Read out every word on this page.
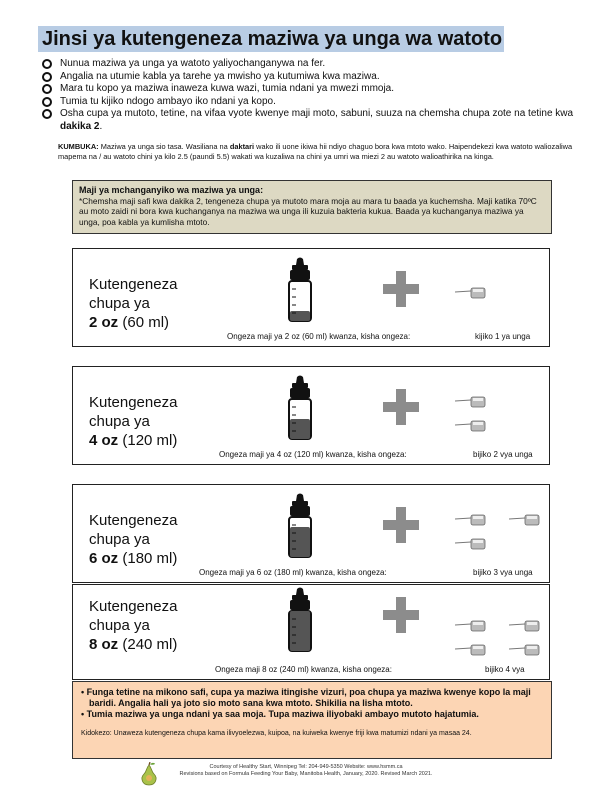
Jinsi ya kutengeneza maziwa ya unga wa watoto
Nunua maziwa ya unga ya watoto yaliyochanganywa na fer.
Angalia na utumie kabla ya tarehe ya mwisho ya kutumiwa kwa maziwa.
Mara tu kopo ya maziwa inaweza kuwa wazi, tumia ndani ya mwezi mmoja.
Tumia tu kijiko ndogo ambayo iko ndani ya kopo.
Osha cupa ya mutoto, tetine, na vifaa vyote kwenye maji moto, sabuni, suuza na chemsha chupa zote na tetine kwa dakika 2.
KUMBUKA: Maziwa ya unga sio tasa. Wasiliana na daktari wako ili uone ikiwa hii ndiyo chaguo bora kwa mtoto wako. Haipendekezi kwa watoto waliozaliwa mapema na / au watoto chini ya kilo 2.5 (paundi 5.5) wakati wa kuzaliwa na chini ya umri wa miezi 2 au watoto walioathirika na kinga.
Maji ya mchanganyiko wa maziwa ya unga:
*Chemsha maji safi kwa dakika 2, tengeneza chupa ya mutoto mara moja au mara tu baada ya kuchemsha. Maji katika 70ºC au moto zaidi ni bora kwa kuchanganya na maziwa wa unga ili kuzuia bakteria kukua. Baada ya kuchanganya maziwa ya unga, poa kabla ya kumlisha mtoto.
Kutengeneza
chupa ya
2 oz (60 ml)
Ongeza maji ya 2 oz (60 ml) kwanza, kisha ongeza:	kijiko 1 ya unga
Kutengeneza
chupa ya
4 oz (120 ml)
Ongeza maji ya 4 oz (120 ml) kwanza, kisha ongeza:	bijiko 2 vya unga
Kutengeneza
chupa ya
6 oz (180 ml)
Ongeza maji ya 6 oz (180 ml) kwanza, kisha ongeza:	bijiko 3 vya unga
Kutengeneza
chupa ya
8 oz (240 ml)
Ongeza maji 8 oz (240 ml) kwanza, kisha ongeza:	bijiko 4 vya
• Funga tetine na mikono safi, cupa ya maziwa itingishe vizuri, poa chupa ya maziwa kwenye kopo la maji baridi. Angalia hali ya joto sio moto sana kwa mtoto. Shikilia na lisha mtoto.
• Tumia maziwa ya unga ndani ya saa moja. Tupa maziwa iliyobaki ambayo mutoto hajatumia.
Kidokezo: Unaweza kutengeneza chupa kama ilivyoelezwa, kuipoa, na kuiweka kwenye friji kwa matumizi ndani ya masaa 24.
Courtesy of Healthy Start, Winnipeg Tel: 204-949-5350 Website: www.hsmm.ca
Revisions based on Formula Feeding Your Baby, Manitoba Health, January, 2020. Revised March 2021.
